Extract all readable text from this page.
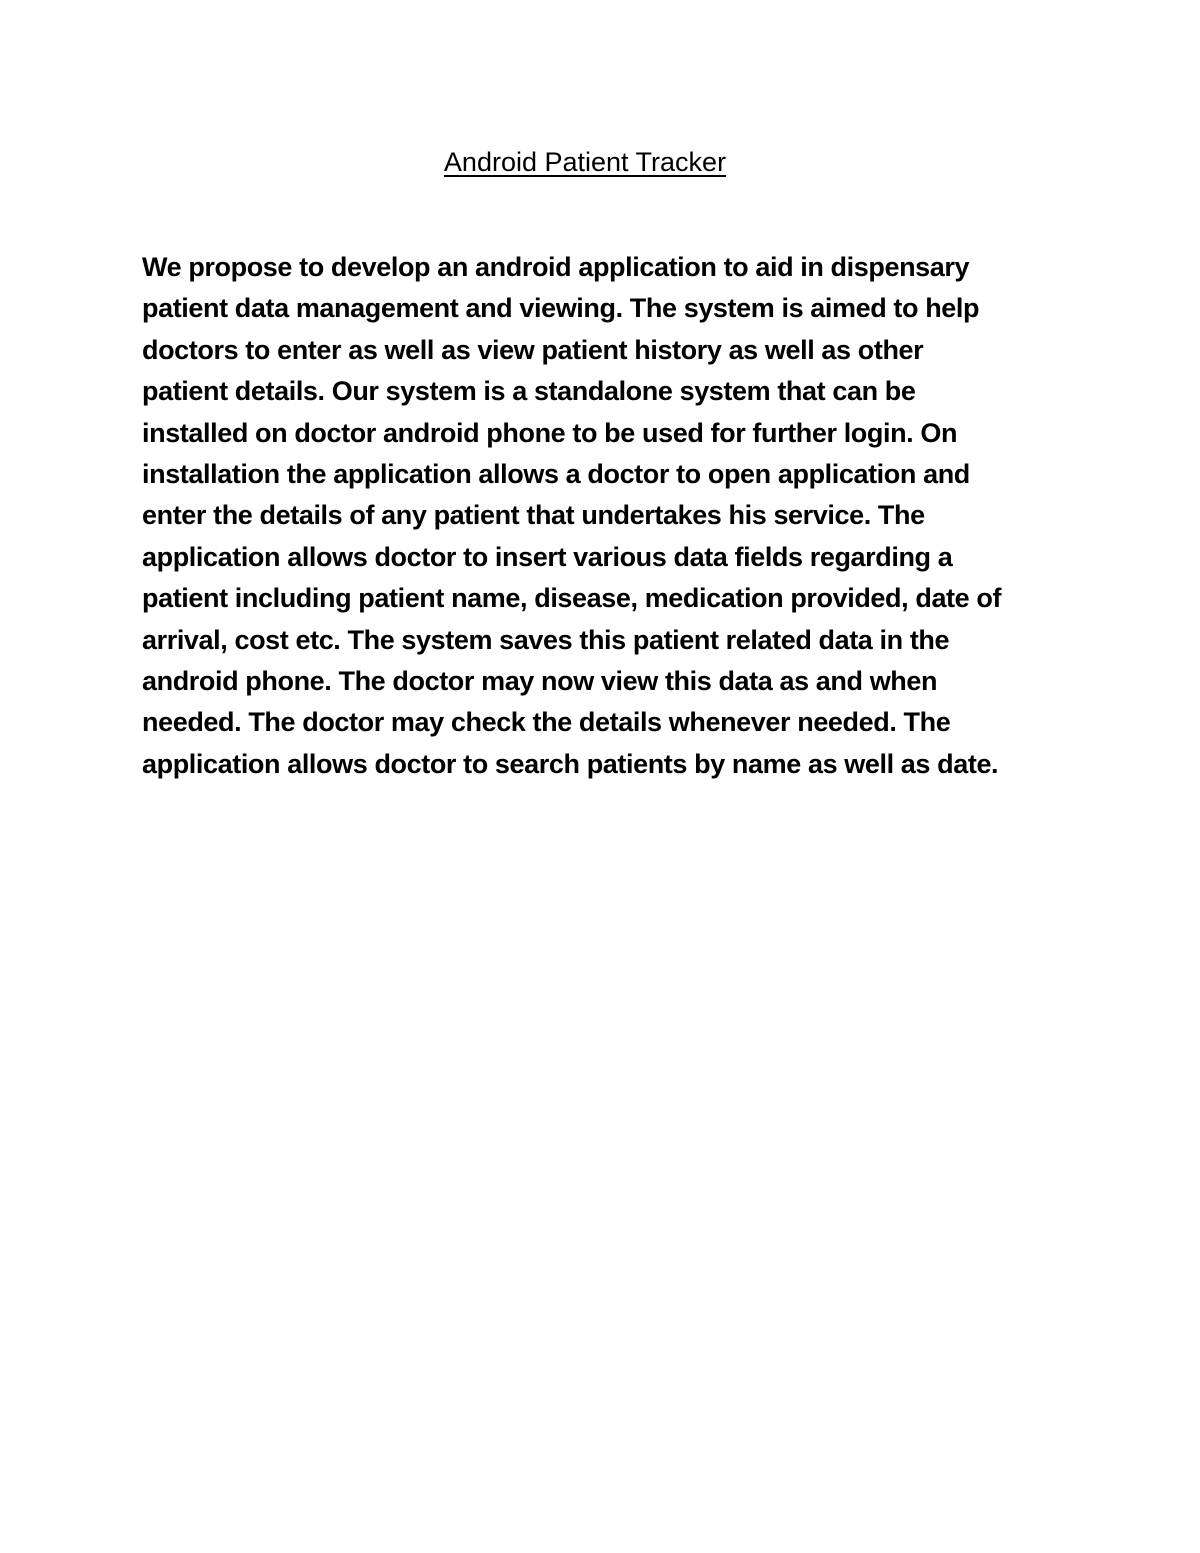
Android Patient Tracker
We propose to develop an android application to aid in dispensary
patient data management and viewing. The system is aimed to help
doctors to enter as well as view patient history as well as other
patient details. Our system is a standalone system that can be
installed on doctor android phone to be used for further login. On
installation the application allows a doctor to open application and
enter the details of any patient that undertakes his service. The
application allows doctor to insert various data fields regarding a
patient including patient name, disease, medication provided, date of
arrival, cost etc. The system saves this patient related data in the
android phone. The doctor may now view this data as and when
needed. The doctor may check the details whenever needed. The
application allows doctor to search patients by name as well as date.
